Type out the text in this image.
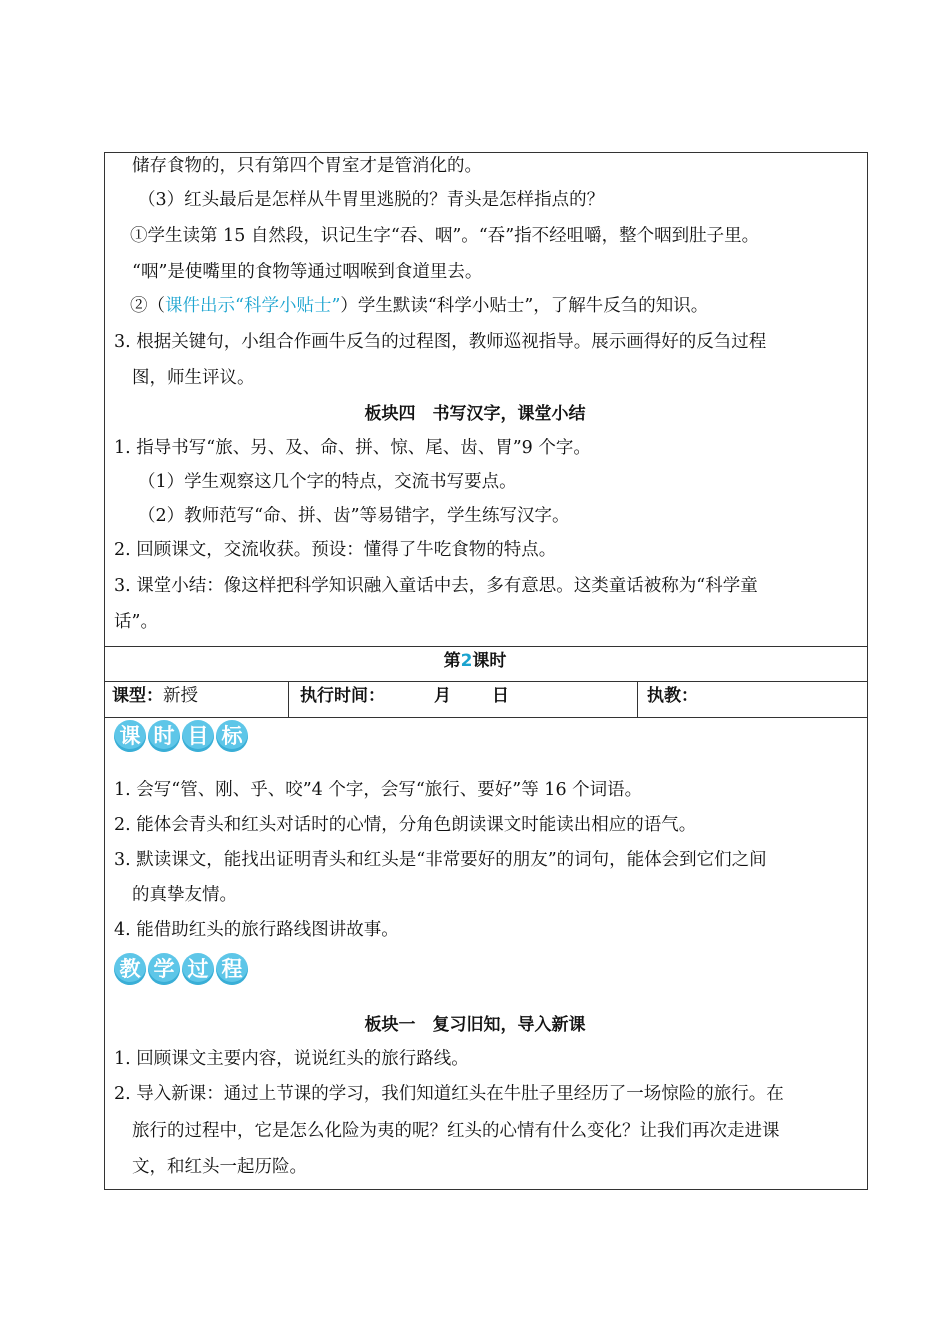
储存食物的，只有第四个胃室才是管消化的。
（3）红头最后是怎样从牛胃里逃脱的？青头是怎样指点的？
①学生读第 15 自然段，识记生字“吞、咽”。“吞”指不经咀嚼，整个咽到肚子里。
“咽”是使嘴里的食物等通过咽喉到食道里去。
②（课件出示“科学小贴士”）学生默读“科学小贴士”，了解牛反刍的知识。
3. 根据关键句，小组合作画牛反刍的过程图，教师巡视指导。展示画得好的反刍过程
图，师生评议。
板块四　书写汉字，课堂小结
1. 指导书写“旅、另、及、命、拼、惊、尾、齿、胃”9 个字。
（1）学生观察这几个字的特点，交流书写要点。
（2）教师范写“命、拼、齿”等易错字，学生练写汉字。
2. 回顾课文，交流收获。预设：懂得了牛吃食物的特点。
3. 课堂小结：像这样把科学知识融入童话中去，多有意思。这类童话被称为“科学童
话”。
第2课时
课型：新授	执行时间：	月 日	执教：
课 时 目 标
1. 会写“管、刚、乎、咬”4 个字，会写“旅行、要好”等 16 个词语。
2. 能体会青头和红头对话时的心情，分角色朗读课文时能读出相应的语气。
3. 默读课文，能找出证明青头和红头是“非常要好的朋友”的词句，能体会到它们之间
的真挚友情。
4. 能借助红头的旅行路线图讲故事。
教 学 过 程
板块一　复习旧知，导入新课
1. 回顾课文主要内容，说说红头的旅行路线。
2. 导入新课：通过上节课的学习，我们知道红头在牛肚子里经历了一场惊险的旅行。在
旅行的过程中，它是怎么化险为夷的呢？红头的心情有什么变化？让我们再次走进课
文，和红头一起历险。
